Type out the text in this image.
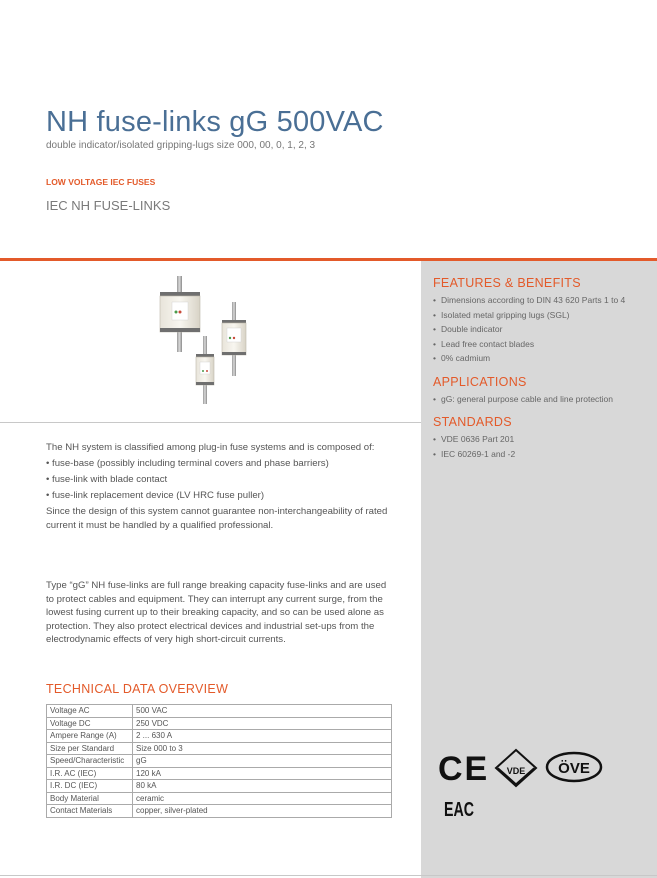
NH fuse-links gG 500VAC
double indicator/isolated gripping-lugs size 000, 00, 0, 1, 2, 3
LOW VOLTAGE IEC FUSES
IEC NH FUSE-LINKS
FEATURES & BENEFITS
• Dimensions according to DIN 43 620 Parts 1 to 4
• Isolated metal gripping lugs (SGL)
• Double indicator
• Lead free contact blades
• 0% cadmium
APPLICATIONS
• gG: general purpose cable and line protection
STANDARDS
• VDE 0636 Part 201
• IEC 60269-1 and -2

The NH system is classified among plug-in fuse systems and is composed of:

• fuse-base (possibly including terminal covers and phase barriers)
• fuse-link with blade contact
• fuse-link replacement device (LV HRC fuse puller)

Since the design of this system cannot guarantee non-interchangeability of rated current it must be handled by a qualified professional.

Type “gG” NH fuse-links are full range breaking capacity fuse-links and are used to protect cables and equipment. They can interrupt any current surge, from the lowest fusing current up to their breaking capacity, and so can be used alone as protection. They also protect electrical devices and industrial set-ups from the electrodynamic effects of very high short-circuit currents.
TECHNICAL DATA OVERVIEW
Voltage AC	500 VAC
Voltage DC	250 VDC
Ampere Range (A)	2 ... 630 A
Size per Standard	Size 000 to 3
Speed/Characteristic	gG
I.R. AC (IEC)	120 kA
I.R. DC (IEC)	80 kA
Body Material	ceramic
Contact Materials	copper, silver-plated
CE VDE ÖVE
EAC
